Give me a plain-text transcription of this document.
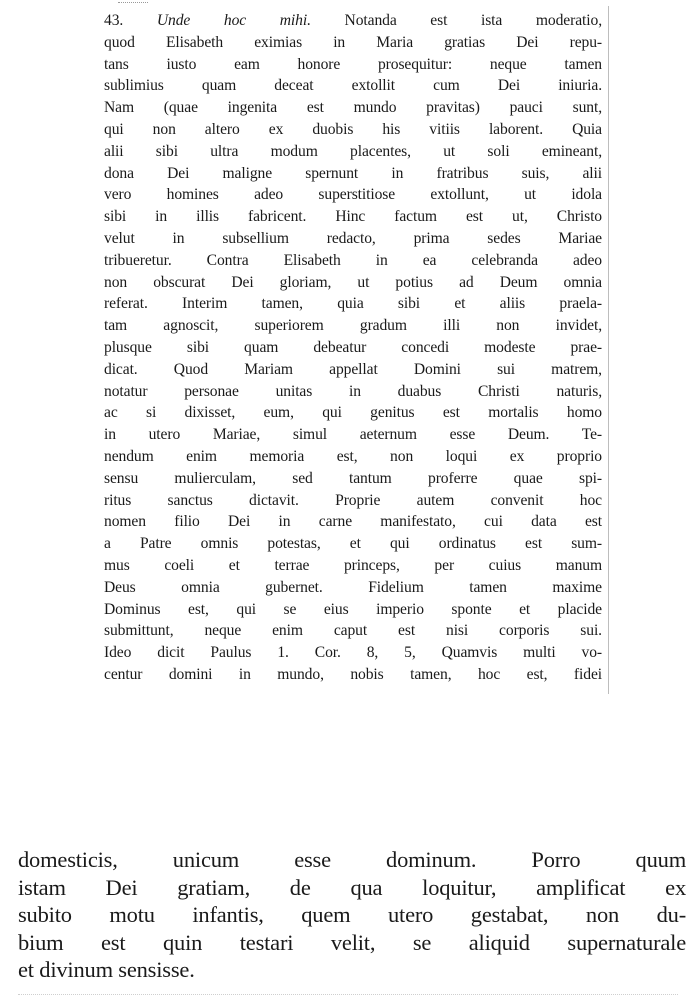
43. Unde hoc mihi. Notanda est ista moderatio,
quod Elisabeth eximias in Maria gratias Dei repu-
tans iusto eam honore prosequitur: neque tamen
sublimius quam deceat extollit cum Dei iniuria.
Nam (quae ingenita est mundo pravitas) pauci sunt,
qui non altero ex duobis his vitiis laborent. Quia
alii sibi ultra modum placentes, ut soli emineant,
dona Dei maligne spernunt in fratribus suis, alii
vero homines adeo superstitiose extollunt, ut idola
sibi in illis fabricent. Hinc factum est ut, Christo
velut in subsellium redacto, prima sedes Mariae
tribueretur. Contra Elisabeth in ea celebranda adeo
non obscurat Dei gloriam, ut potius ad Deum omnia
referat. Interim tamen, quia sibi et aliis praela-
tam agnoscit, superiorem gradum illi non invidet,
plusque sibi quam debeatur concedi modeste prae-
dicat. Quod Mariam appellat Domini sui matrem,
notatur personae unitas in duabus Christi naturis,
ac si dixisset, eum, qui genitus est mortalis homo
in utero Mariae, simul aeternum esse Deum. Te-
nendum enim memoria est, non loqui ex proprio
sensu mulierculam, sed tantum proferre quae spi-
ritus sanctus dictavit. Proprie autem convenit hoc
nomen filio Dei in carne manifestato, cui data est
a Patre omnis potestas, et qui ordinatus est sum-
mus coeli et terrae princeps, per cuius manum
Deus omnia gubernet. Fidelium tamen maxime
Dominus est, qui se eius imperio sponte et placide
submittunt, neque enim caput est nisi corporis sui.
Ideo dicit Paulus 1. Cor. 8, 5, Quamvis multi vo-
centur domini in mundo, nobis tamen, hoc est, fidei
domesticis, unicum esse dominum. Porro quum
istam Dei gratiam, de qua loquitur, amplificat ex
subito motu infantis, quem utero gestabat, non du-
bium est quin testari velit, se aliquid supernaturale
et divinum sensisse.
